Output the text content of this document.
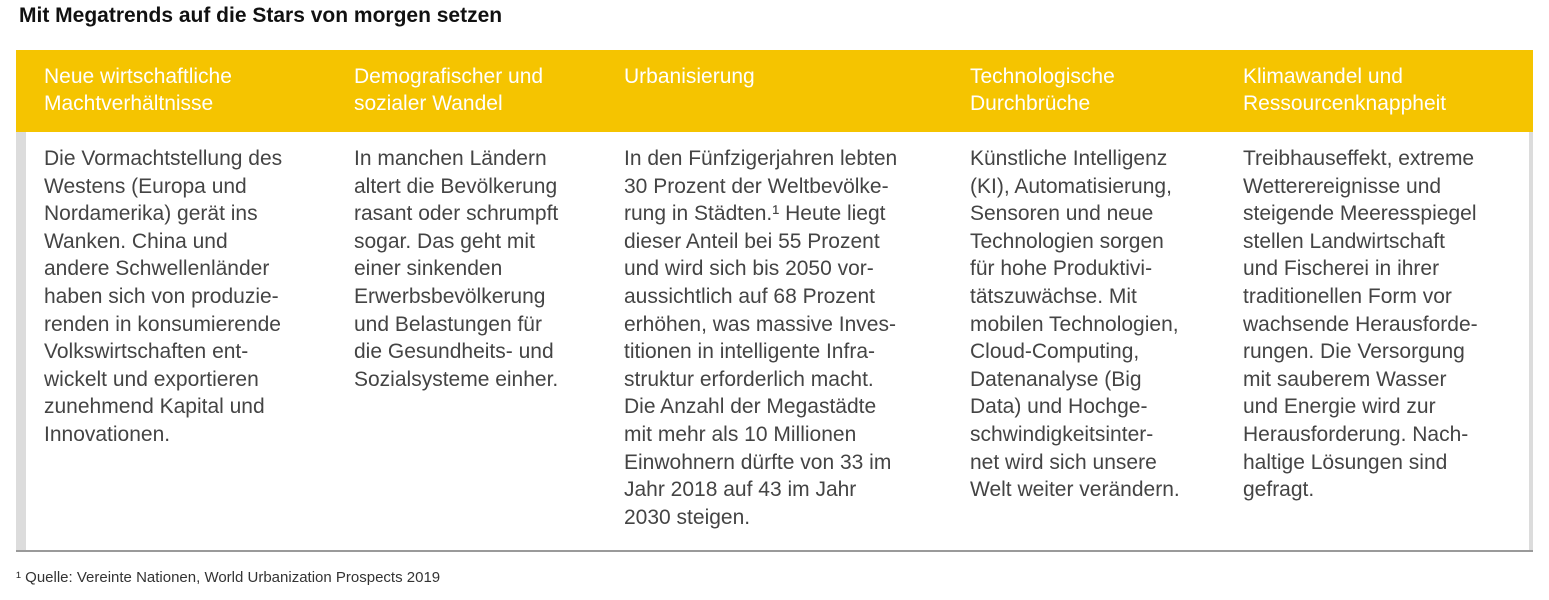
Mit Megatrends auf die Stars von morgen setzen
Neue wirtschaftliche
Machtverhältnisse

Die Vormachtstellung des
Westens (Europa und
Nordamerika) gerät ins
Wanken. China und
andere Schwellenländer
haben sich von produzie-
renden in konsumierende
Volkswirtschaften ent-
wickelt und exportieren
zunehmend Kapital und
Innovationen.

Demografischer und
sozialer Wandel

In manchen Ländern
altert die Bevölkerung
rasant oder schrumpft
sogar. Das geht mit
einer sinkenden
Erwerbsbevölkerung
und Belastungen für
die Gesundheits- und
Sozialsysteme einher.

Urbanisierung

In den Fünfzigerjahren lebten
30 Prozent der Weltbevölke-
rung in Städten.¹ Heute liegt
dieser Anteil bei 55 Prozent
und wird sich bis 2050 vor-
aussichtlich auf 68 Prozent
erhöhen, was massive Inves-
titionen in intelligente Infra-
struktur erforderlich macht.
Die Anzahl der Megastädte
mit mehr als 10 Millionen
Einwohnern dürfte von 33 im
Jahr 2018 auf 43 im Jahr
2030 steigen.

Technologische
Durchbrüche

Künstliche Intelligenz
(KI), Automatisierung,
Sensoren und neue
Technologien sorgen
für hohe Produktivi-
tätszuwächse. Mit
mobilen Technologien,
Cloud-Computing,
Datenanalyse (Big
Data) und Hochge-
schwindigkeitsinter-
net wird sich unsere
Welt weiter verändern.

Klimawandel und
Ressourcenknappheit

Treibhauseffekt, extreme
Wetterereignisse und
steigende Meeresspiegel
stellen Landwirtschaft
und Fischerei in ihrer
traditionellen Form vor
wachsende Herausforde-
rungen. Die Versorgung
mit sauberem Wasser
und Energie wird zur
Herausforderung. Nach-
haltige Lösungen sind
gefragt.

¹ Quelle: Vereinte Nationen, World Urbanization Prospects 2019
